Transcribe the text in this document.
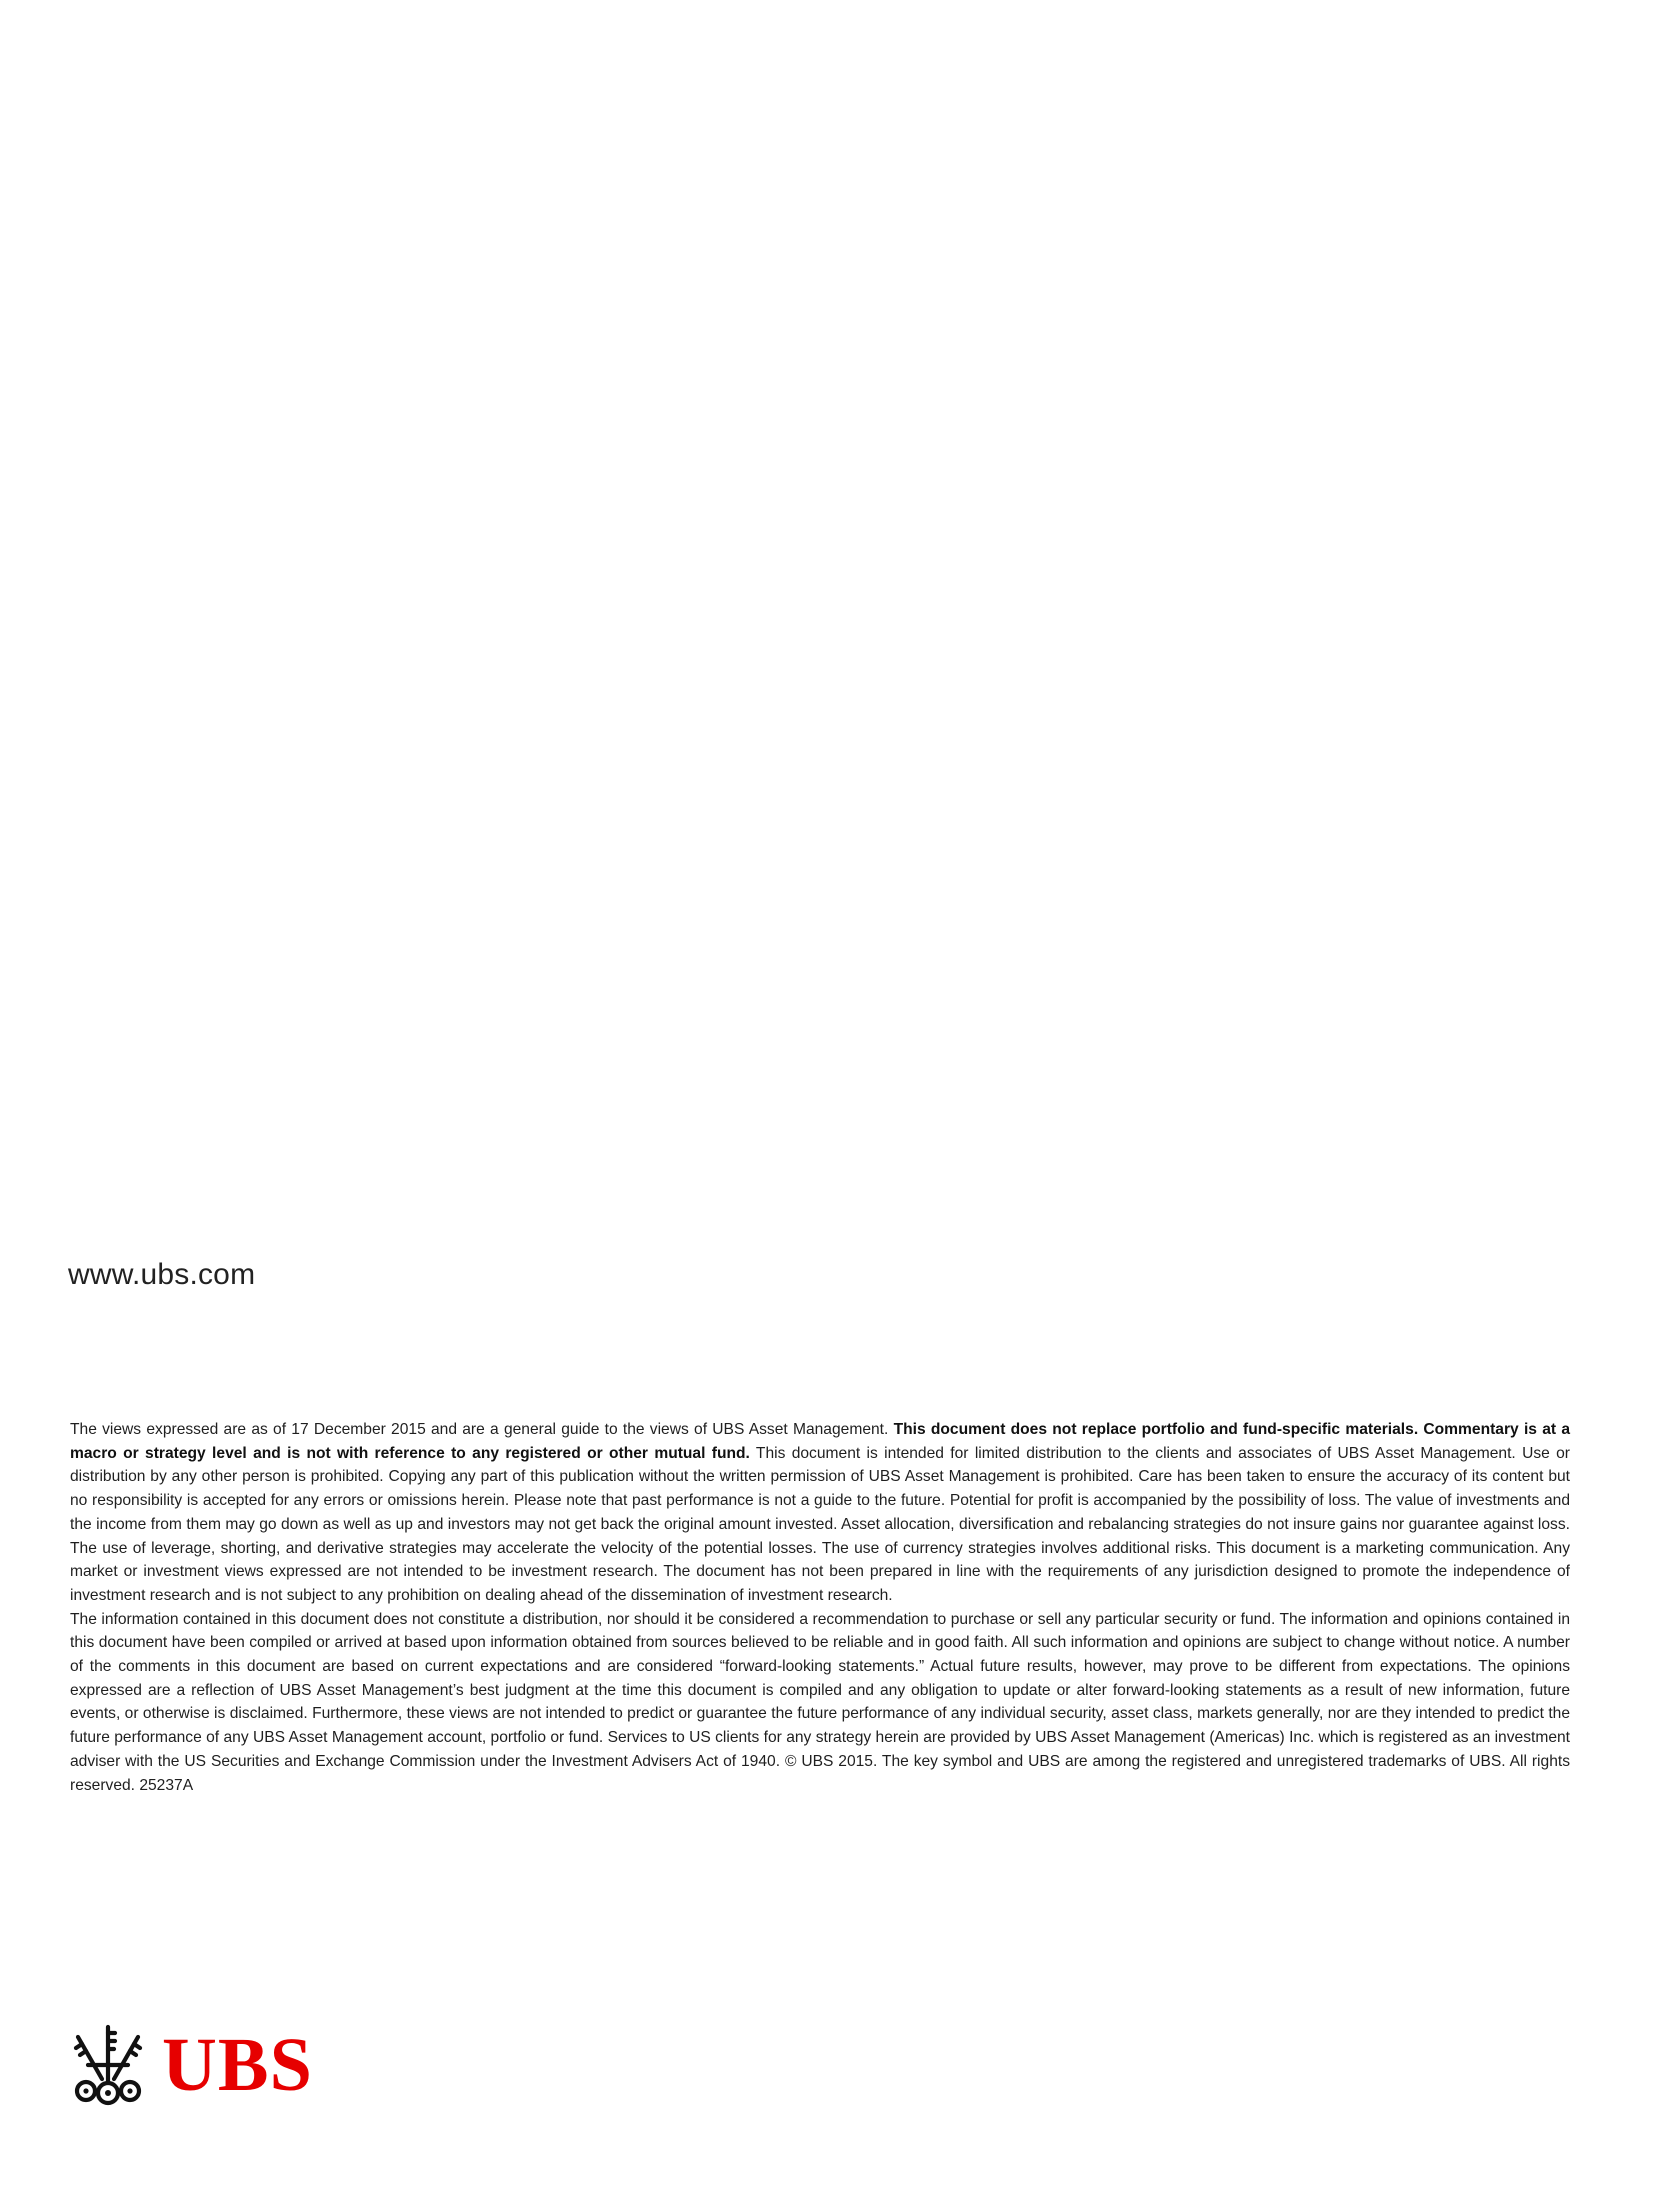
www.ubs.com

The views expressed are as of 17 December 2015 and are a general guide to the views of UBS Asset Management. This document does not replace portfolio and fund-specific materials. Commentary is at a macro or strategy level and is not with reference to any registered or other mutual fund. This document is intended for limited distribution to the clients and associates of UBS Asset Management. Use or distribution by any other person is prohibited. Copying any part of this publication without the written permission of UBS Asset Management is prohibited. Care has been taken to ensure the accuracy of its content but no responsibility is accepted for any errors or omissions herein. Please note that past performance is not a guide to the future. Potential for profit is accompanied by the possibility of loss. The value of investments and the income from them may go down as well as up and investors may not get back the original amount invested. Asset allocation, diversification and rebalancing strategies do not insure gains nor guarantee against loss. The use of leverage, shorting, and derivative strategies may accelerate the velocity of the potential losses. The use of currency strategies involves additional risks. This document is a marketing communication. Any market or investment views expressed are not intended to be investment research. The document has not been prepared in line with the requirements of any jurisdiction designed to promote the independence of investment research and is not subject to any prohibition on dealing ahead of the dissemination of investment research.

The information contained in this document does not constitute a distribution, nor should it be considered a recommendation to purchase or sell any particular security or fund. The information and opinions contained in this document have been compiled or arrived at based upon information obtained from sources believed to be reliable and in good faith. All such information and opinions are subject to change without notice. A number of the comments in this document are based on current expectations and are considered “forward-looking statements.” Actual future results, however, may prove to be different from expectations. The opinions expressed are a reflection of UBS Asset Management’s best judgment at the time this document is compiled and any obligation to update or alter forward-looking statements as a result of new information, future events, or otherwise is disclaimed. Furthermore, these views are not intended to predict or guarantee the future performance of any individual security, asset class, markets generally, nor are they intended to predict the future performance of any UBS Asset Management account, portfolio or fund. Services to US clients for any strategy herein are provided by UBS Asset Management (Americas) Inc. which is registered as an investment adviser with the US Securities and Exchange Commission under the Investment Advisers Act of 1940. © UBS 2015. The key symbol and UBS are among the registered and unregistered trademarks of UBS. All rights reserved. 25237A

UBS
